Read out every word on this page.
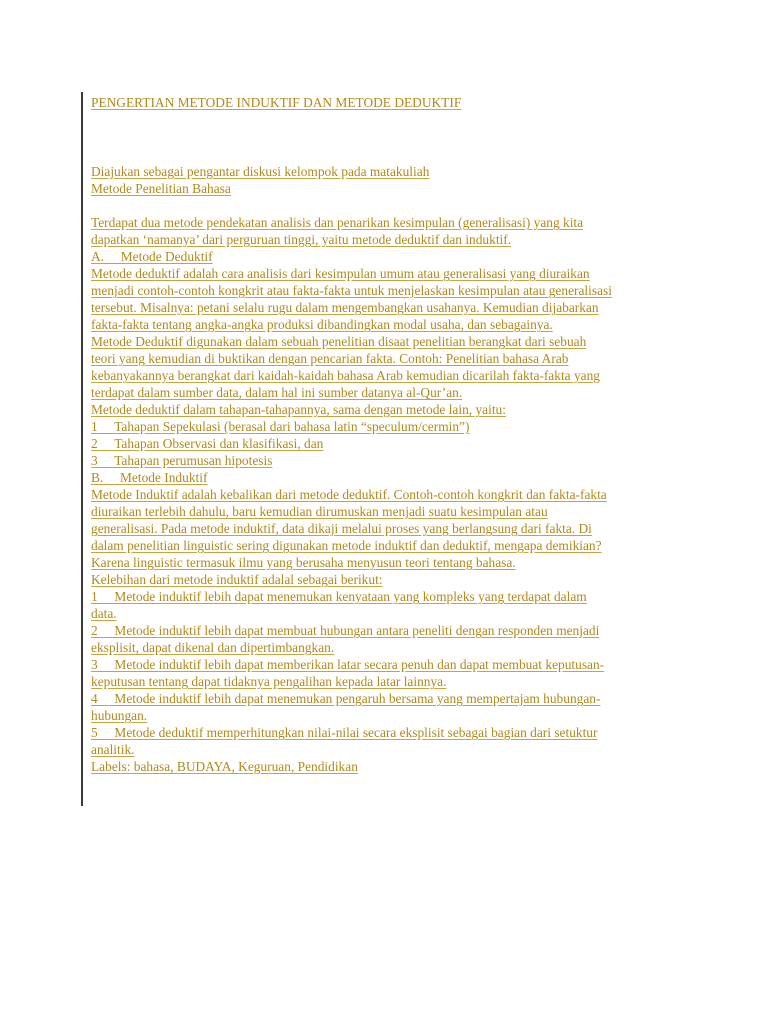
PENGERTIAN METODE INDUKTIF DAN METODE DEDUKTIF
Diajukan sebagai pengantar diskusi kelompok pada matakuliah
Metode Penelitian Bahasa
Terdapat dua metode pendekatan analisis dan penarikan kesimpulan (generalisasi) yang kita
dapatkan ‘namanya’ dari perguruan tinggi, yaitu metode deduktif dan induktif.
A.     Metode Deduktif
Metode deduktif adalah cara analisis dari kesimpulan umum atau generalisasi yang diuraikan
menjadi contoh-contoh kongkrit atau fakta-fakta untuk menjelaskan kesimpulan atau generalisasi
tersebut. Misalnya: petani selalu rugu dalam mengembangkan usahanya. Kemudian dijabarkan
fakta-fakta tentang angka-angka produksi dibandingkan modal usaha, dan sebagainya.
Metode Deduktif digunakan dalam sebuah penelitian disaat penelitian berangkat dari sebuah
teori yang kemudian di buktikan dengan pencarian fakta. Contoh: Penelitian bahasa Arab
kebanyakannya berangkat dari kaidah-kaidah bahasa Arab kemudian dicarilah fakta-fakta yang
terdapat dalam sumber data, dalam hal ini sumber datanya al-Qur’an.
Metode deduktif dalam tahapan-tahapannya, sama dengan metode lain, yaitu:
1     Tahapan Sepekulasi (berasal dari bahasa latin “speculum/cermin”)
2     Tahapan Observasi dan klasifikasi, dan
3     Tahapan perumusan hipotesis
B.     Metode Induktif
Metode Induktif adalah kebalikan dari metode deduktif. Contoh-contoh kongkrit dan fakta-fakta
diuraikan terlebih dahulu, baru kemudian dirumuskan menjadi suatu kesimpulan atau
generalisasi. Pada metode induktif, data dikaji melalui proses yang berlangsung dari fakta. Di
dalam penelitian linguistic sering digunakan metode induktif dan deduktif, mengapa demikian?
Karena linguistic termasuk ilmu yang berusaha menyusun teori tentang bahasa.
Kelebihan dari metode induktif adalal sebagai berikut:
1     Metode induktif lebih dapat menemukan kenyataan yang kompleks yang terdapat dalam
data.
2     Metode induktif lebih dapat membuat hubungan antara peneliti dengan responden menjadi
eksplisit, dapat dikenal dan dipertimbangkan.
3     Metode induktif lebih dapat memberikan latar secara penuh dan dapat membuat keputusan-
keputusan tentang dapat tidaknya pengalihan kepada latar lainnya.
4     Metode induktif lebih dapat menemukan pengaruh bersama yang mempertajam hubungan-
hubungan.
5     Metode deduktif memperhitungkan nilai-nilai secara eksplisit sebagai bagian dari setuktur
analitik.
Labels: bahasa, BUDAYA, Keguruan, Pendidikan
